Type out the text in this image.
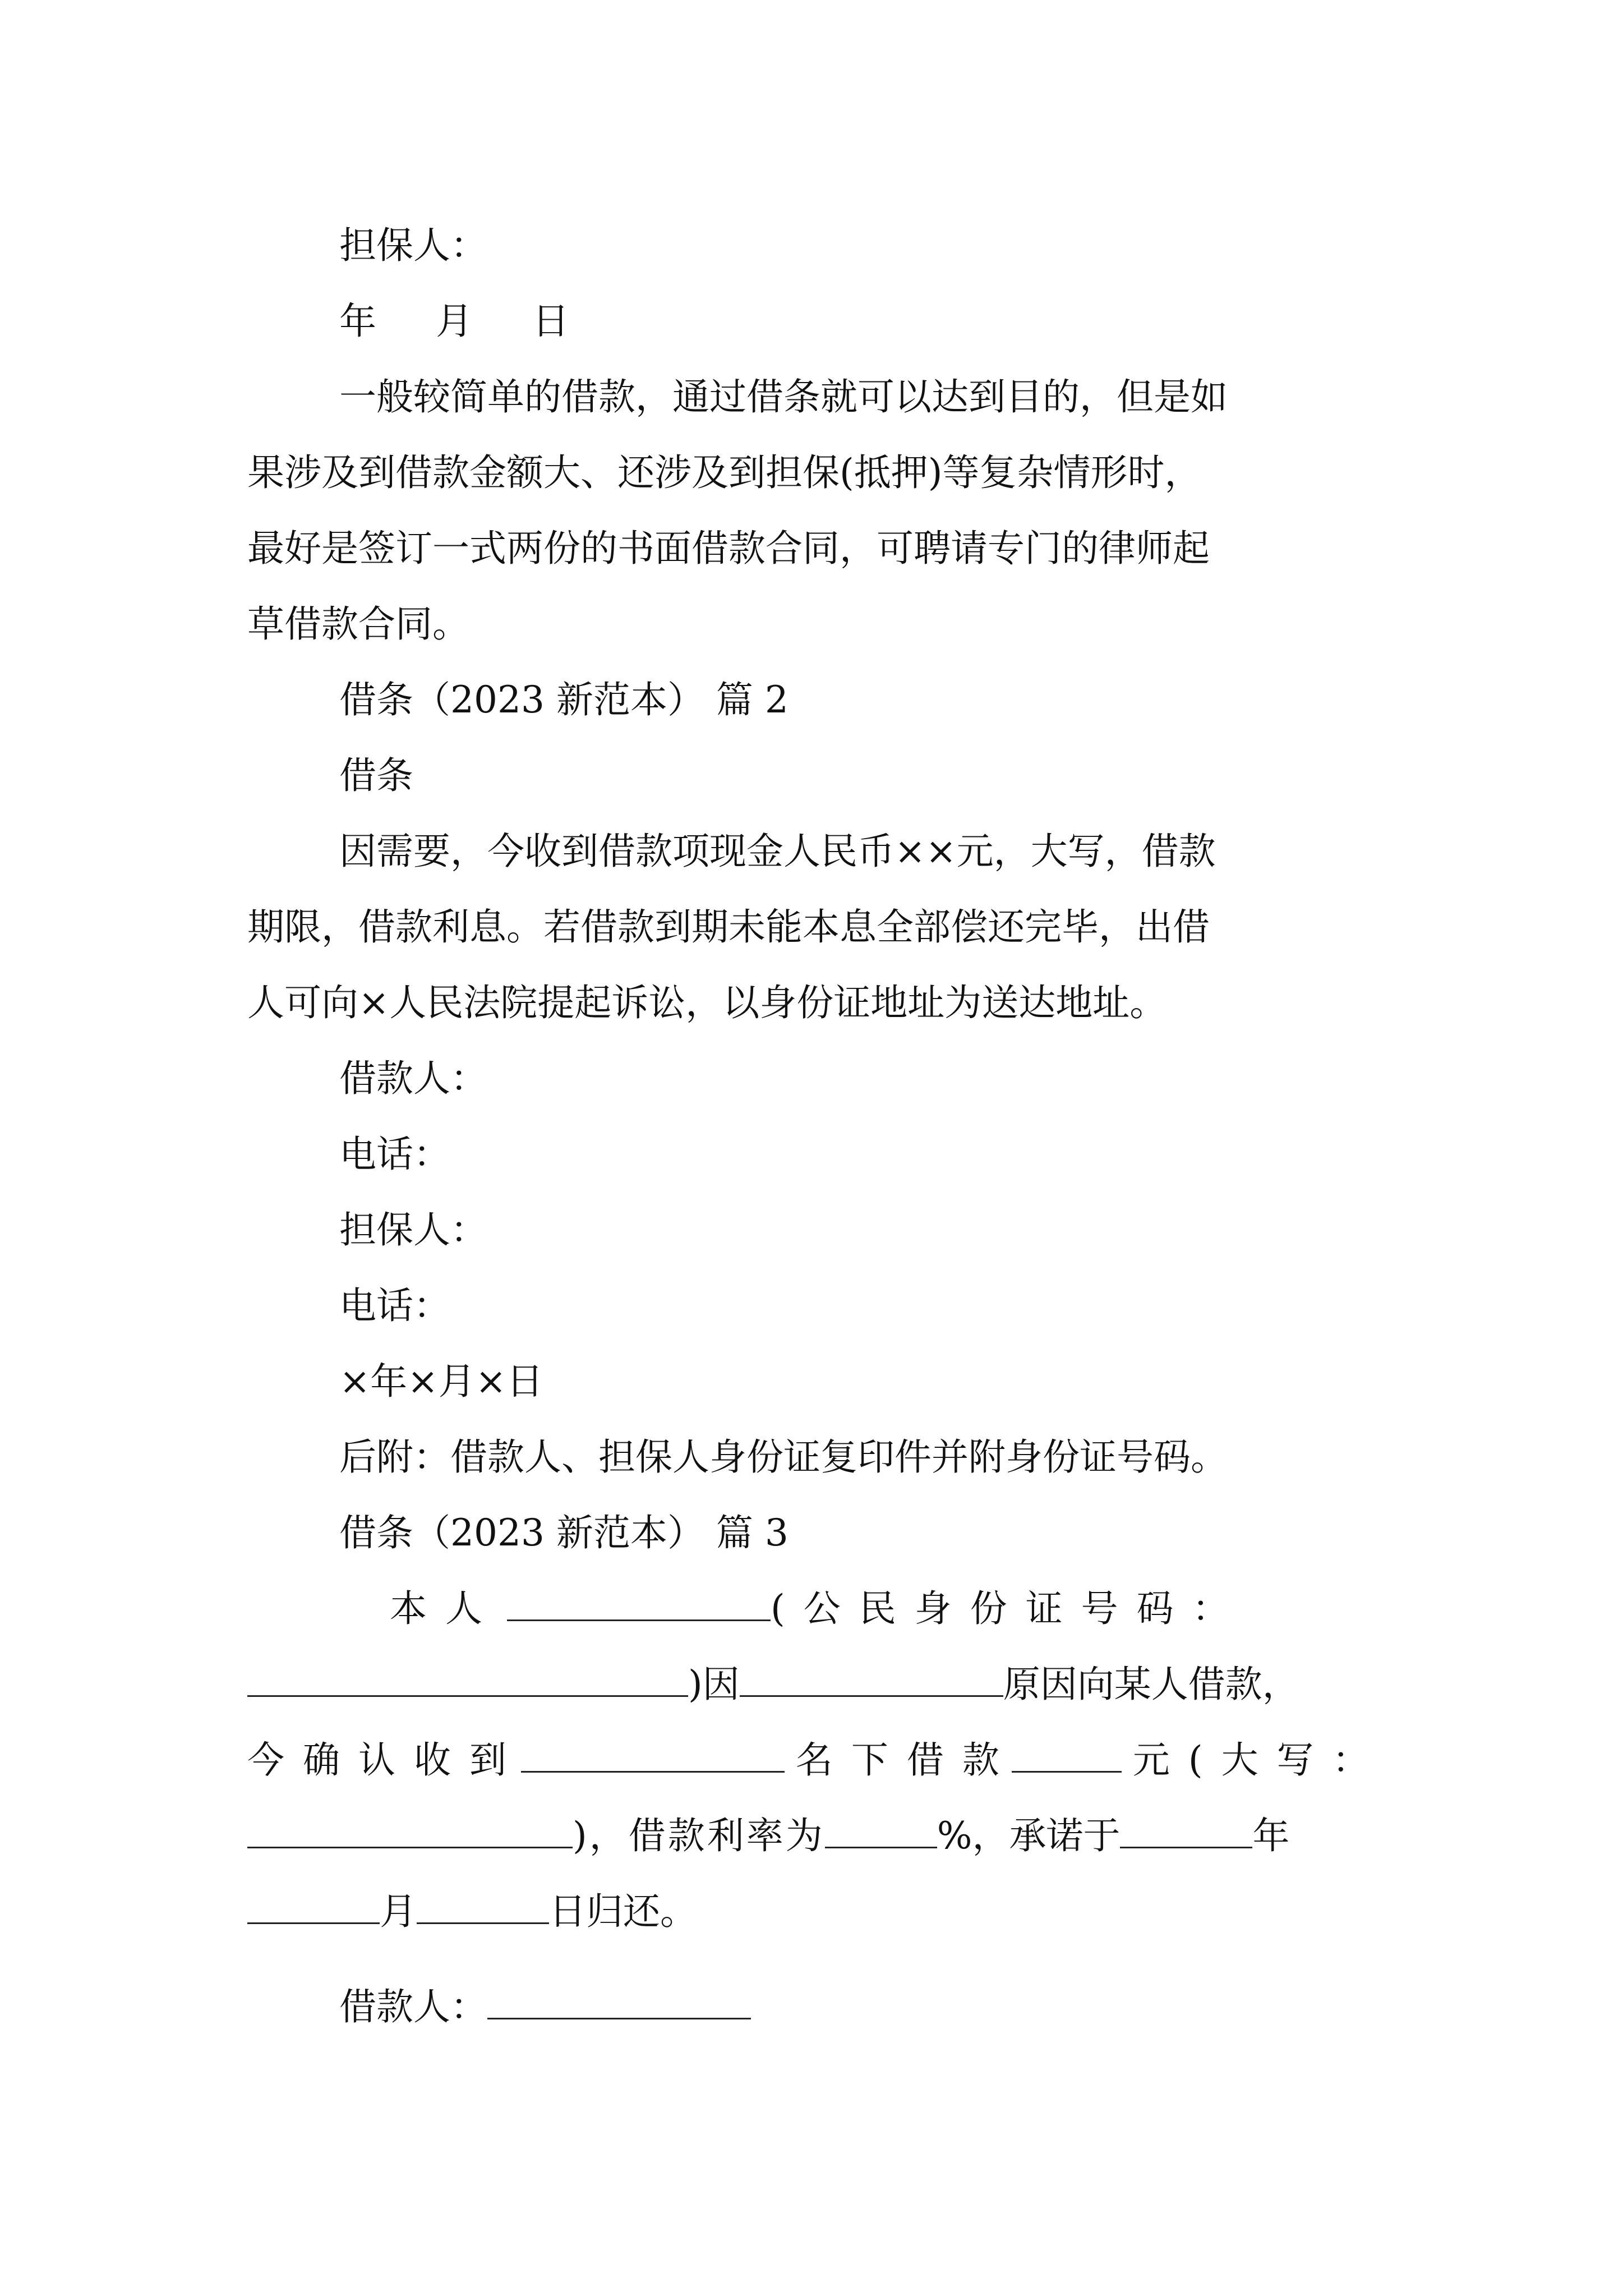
担保人：
年 月 日
一般较简单的借款，通过借条就可以达到目的，但是如
果涉及到借款金额大、还涉及到担保(抵押)等复杂情形时，
最好是签订一式两份的书面借款合同，可聘请专门的律师起
草借款合同。
借条（2023 新范本） 篇 2
借条
因需要，今收到借款项现金人民币××元，大写，借款
期限，借款利息。若借款到期未能本息全部偿还完毕，出借
人可向×人民法院提起诉讼，以身份证地址为送达地址。
借款人：
电话：
担保人：
电话：
×年×月×日
后附：借款人、担保人身份证复印件并附身份证号码。
借条（2023 新范本） 篇 3
本 人	( 公 民 身 份 证 号 码 ：
)因	原因向某人借款，
今 确 认 收 到	名 下 借 款	元 ( 大 写 ：
)，借款利率为	%，承诺于	年
月	日归还。
借款人：
